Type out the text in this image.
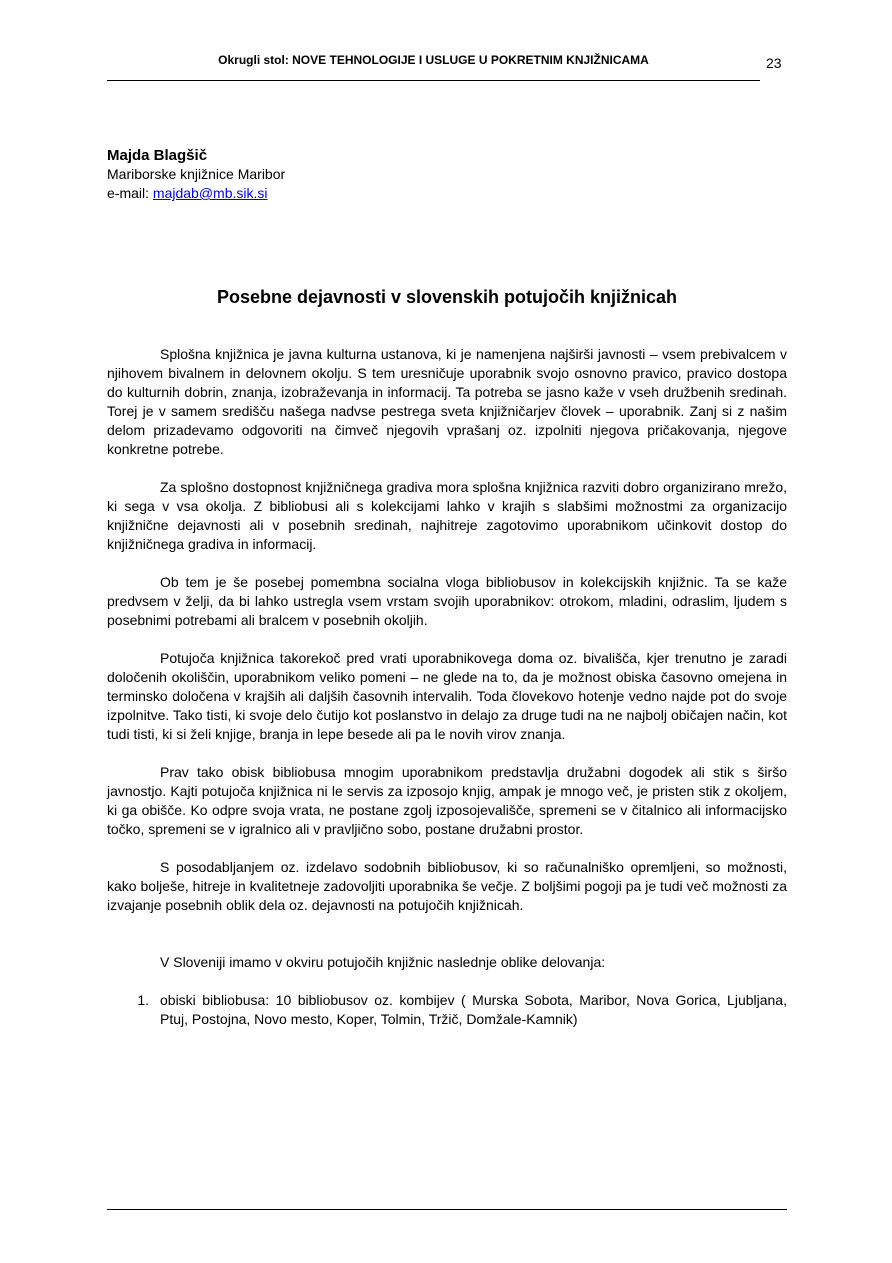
Okrugli stol: NOVE TEHNOLOGIJE I USLUGE U POKRETNIM KNJIŽNICAMA	23
Majda Blagšič
Mariborske knjižnice Maribor
e-mail: majdab@mb.sik.si
Posebne dejavnosti v slovenskih potujočih knjižnicah

Splošna knjižnica je javna kulturna ustanova, ki je namenjena najširši javnosti – vsem prebivalcem v njihovem bivalnem in delovnem okolju. S tem uresničuje uporabnik svojo osnovno pravico, pravico dostopa do kulturnih dobrin, znanja, izobraževanja in informacij. Ta potreba se jasno kaže v vseh družbenih sredinah. Torej je v samem središču našega nadvse pestrega sveta knjižničarjev človek – uporabnik. Zanj si z našim delom prizadevamo odgovoriti na čimveč njegovih vprašanj oz. izpolniti njegova pričakovanja, njegove konkretne potrebe.

Za splošno dostopnost knjižničnega gradiva mora splošna knjižnica razviti dobro organizirano mrežo, ki sega v vsa okolja. Z bibliobusi ali s kolekcijami lahko v krajih s slabšimi možnostmi za organizacijo knjižnične dejavnosti ali v posebnih sredinah, najhitreje zagotovimo uporabnikom učinkovit dostop do knjižničnega gradiva in informacij.

Ob tem je še posebej pomembna socialna vloga bibliobusov in kolekcijskih knjižnic. Ta se kaže predvsem v želji, da bi lahko ustregla vsem vrstam svojih uporabnikov: otrokom, mladini, odraslim, ljudem s posebnimi potrebami ali bralcem v posebnih okoljih.

Potujoča knjižnica takorekoč pred vrati uporabnikovega doma oz. bivališča, kjer trenutno je zaradi določenih okoliščin, uporabnikom veliko pomeni – ne glede na to, da je možnost obiska časovno omejena in terminsko določena v krajših ali daljših časovnih intervalih. Toda človekovo hotenje vedno najde pot do svoje izpolnitve. Tako tisti, ki svoje delo čutijo kot poslanstvo in delajo za druge tudi na ne najbolj običajen način, kot tudi tisti, ki si želi knjige, branja in lepe besede ali pa le novih virov znanja.

Prav tako obisk bibliobusa mnogim uporabnikom predstavlja družabni dogodek ali stik s širšo javnostjo. Kajti potujoča knjižnica ni le servis za izposojo knjig, ampak je mnogo več, je pristen stik z okoljem, ki ga obišče. Ko odpre svoja vrata, ne postane zgolj izposojevališče, spremeni se v čitalnico ali informacijsko točko, spremeni se v igralnico ali v pravljično sobo, postane družabni prostor.

S posodabljanjem oz. izdelavo sodobnih bibliobusov, ki so računalniško opremljeni, so možnosti, kako bolješe, hitreje in kvalitetneje zadovoljiti uporabnika še večje. Z boljšimi pogoji pa je tudi več možnosti za izvajanje posebnih oblik dela oz. dejavnosti na potujočih knjižnicah.

V Sloveniji imamo v okviru potujočih knjižnic naslednje oblike delovanja:

1. obiski bibliobusa: 10 bibliobusov oz. kombijev ( Murska Sobota, Maribor, Nova Gorica, Ljubljana, Ptuj, Postojna, Novo mesto, Koper, Tolmin, Tržič, Domžale-Kamnik)
